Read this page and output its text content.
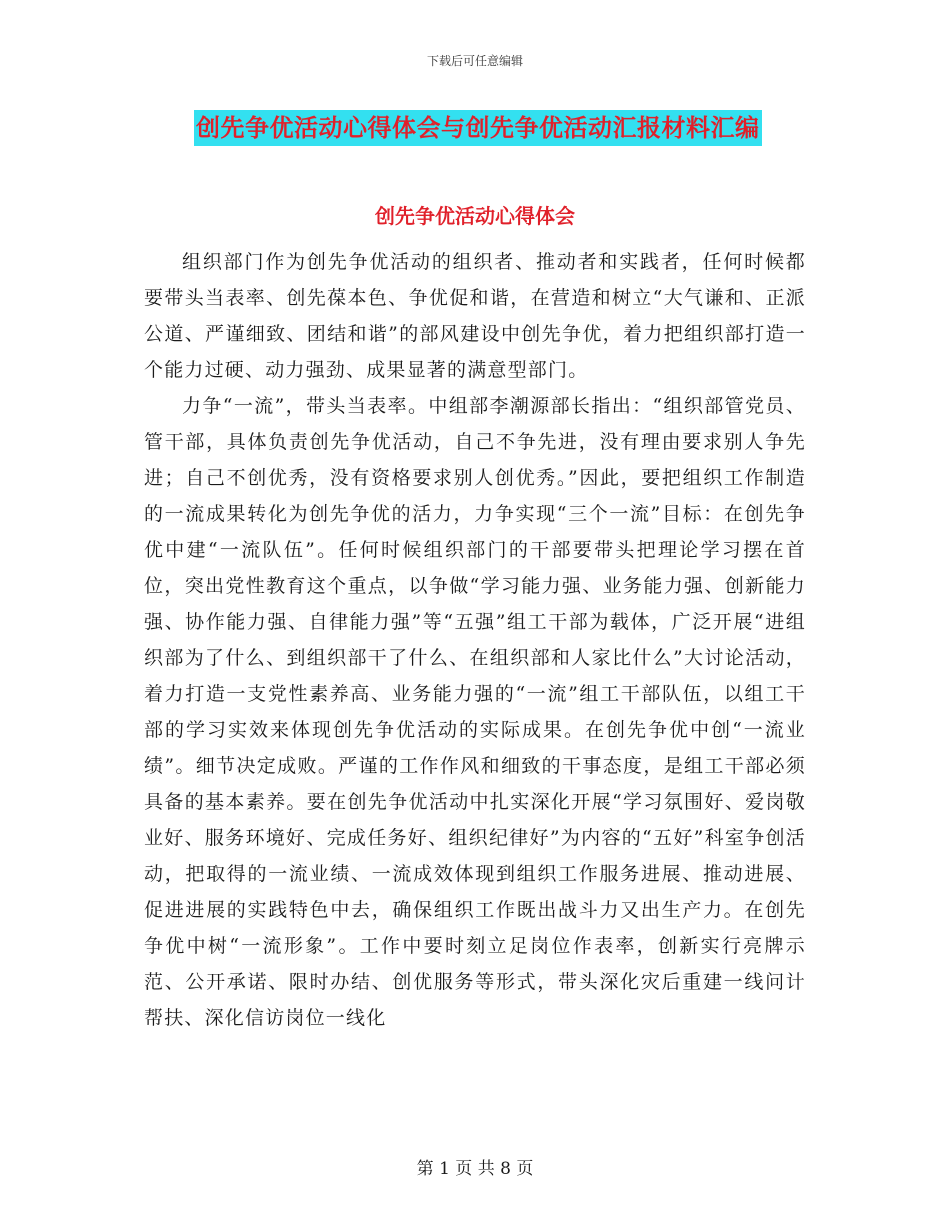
下载后可任意编辑
创先争优活动心得体会与创先争优活动汇报材料汇编
创先争优活动心得体会

组织部门作为创先争优活动的组织者、推动者和实践者，任何时候都要带头当表率、创先葆本色、争优促和谐，在营造和树立“大气谦和、正派公道、严谨细致、团结和谐”的部风建设中创先争优，着力把组织部打造一个能力过硬、动力强劲、成果显著的满意型部门。

力争“一流”，带头当表率。中组部李潮源部长指出：“组织部管党员、管干部，具体负责创先争优活动，自己不争先进，没有理由要求别人争先进；自己不创优秀，没有资格要求别人创优秀。”因此，要把组织工作制造的一流成果转化为创先争优的活力，力争实现“三个一流”目标：在创先争优中建“一流队伍”。任何时候组织部门的干部要带头把理论学习摆在首位，突出党性教育这个重点，以争做“学习能力强、业务能力强、创新能力强、协作能力强、自律能力强”等“五强”组工干部为载体，广泛开展“进组织部为了什么、到组织部干了什么、在组织部和人家比什么”大讨论活动，着力打造一支党性素养高、业务能力强的“一流”组工干部队伍，以组工干部的学习实效来体现创先争优活动的实际成果。在创先争优中创“一流业绩”。细节决定成败。严谨的工作作风和细致的干事态度，是组工干部必须具备的基本素养。要在创先争优活动中扎实深化开展“学习氛围好、爱岗敬业好、服务环境好、完成任务好、组织纪律好”为内容的“五好”科室争创活动，把取得的一流业绩、一流成效体现到组织工作服务进展、推动进展、促进进展的实践特色中去，确保组织工作既出战斗力又出生产力。在创先争优中树“一流形象”。工作中要时刻立足岗位作表率，创新实行亮牌示范、公开承诺、限时办结、创优服务等形式，带头深化灾后重建一线问计帮扶、深化信访岗位一线化

第 1 页 共 8 页
